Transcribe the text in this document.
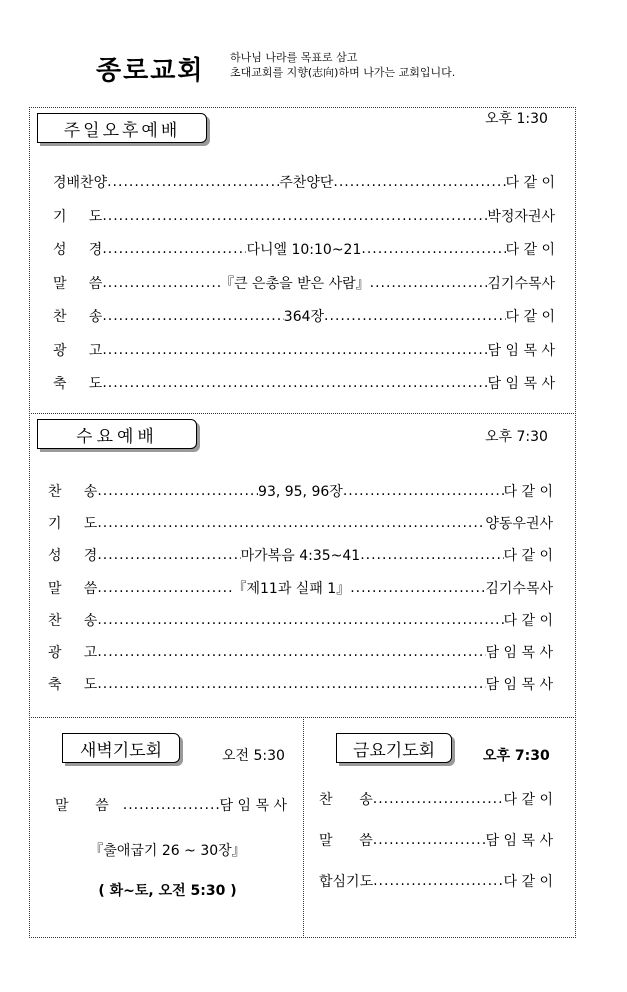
종로교회 하나님 나라를 목표로 삼고
초대교회를 지향(志向)하며 나가는 교회입니다.
주일오후예배
오후 1:30
경배찬양 .....	주찬양단 .....	다 같 이
기     도 .....	박정자권사
성     경 .....	다니엘 10:10~21 .....	다 같 이
말     씀 .....	『큰 은총을 받은 사람』 .....	김기수목사
찬     송 .....	364장 .....	다 같 이
광     고 .....	담 임 목 사
축     도 .....	담 임 목 사
수요예배	오후 7:30
찬     송 .....	93, 95, 96장 .....	다 같 이
기     도 .....	양동우권사
성     경 .....	마가복음 4:35~41 .....	다 같 이
말     씀 .....	『제11과 실패 1』 .....	김기수목사
찬     송 .....	다 같 이
광     고 .....	담 임 목 사
축     도 .....	담 임 목 사
새벽기도회	오전 5:30
말      씀 .....	담 임 목 사
『출애굽기 26 ~ 30장』
( 화~토, 오전 5:30 )
금요기도회	오후 7:30
찬      송 .....	다 같 이
말      씀 .....	담 임 목 사
합심기도 .....	다 같 이
